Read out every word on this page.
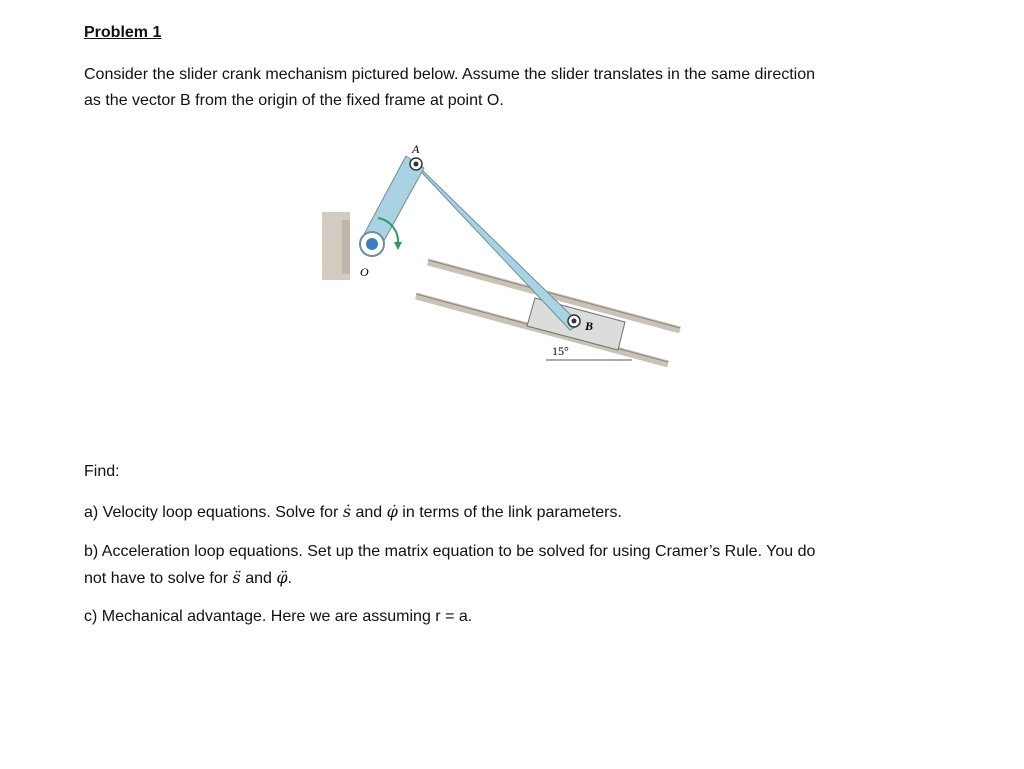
Problem 1
Consider the slider crank mechanism pictured below. Assume the slider translates in the same direction
as the vector B from the origin of the fixed frame at point O.
15°
A
O
B
Find:
a) Velocity loop equations. Solve for ṡ and φ̇ in terms of the link parameters.
b) Acceleration loop equations. Set up the matrix equation to be solved for using Cramer’s Rule. You do
not have to solve for s̈ and φ̈.
c) Mechanical advantage. Here we are assuming r = a.
